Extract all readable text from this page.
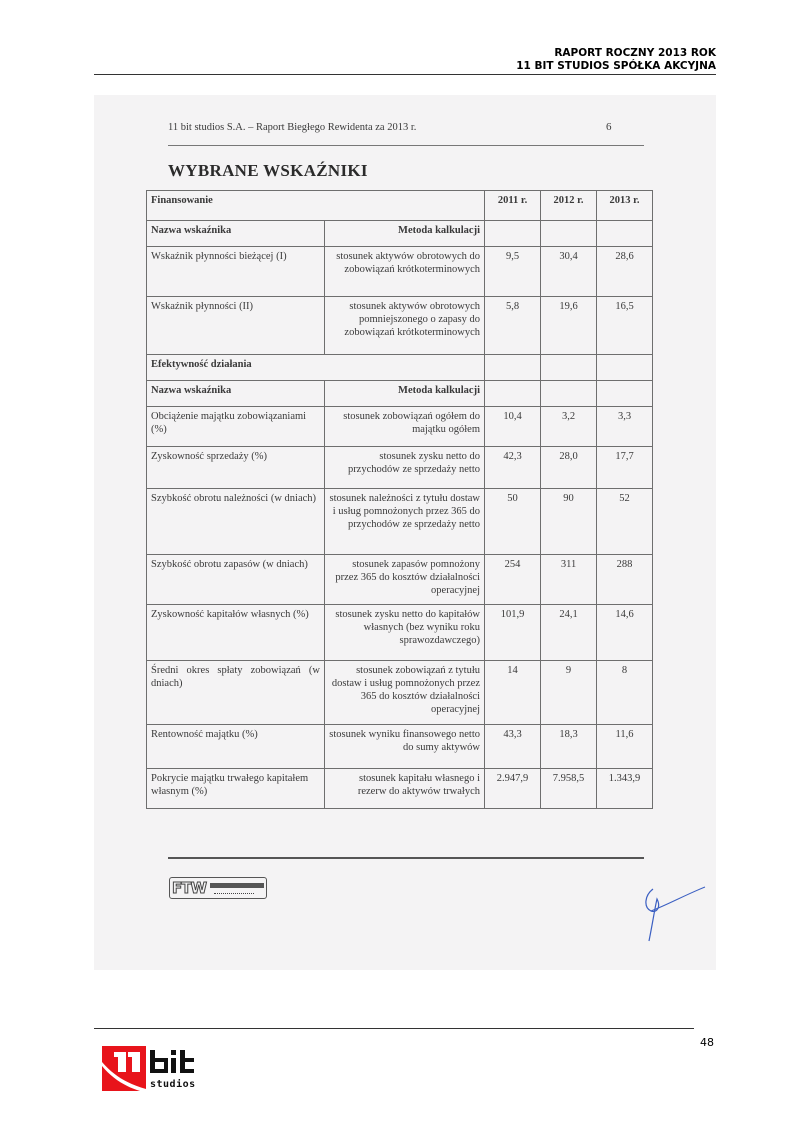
RAPORT ROCZNY 2013 ROK
11 BIT STUDIOS SPÓŁKA AKCYJNA
11 bit studios S.A. – Raport Biegłego Rewidenta za 2013 r.	6
WYBRANE WSKAŹNIKI
Finansowanie		2011 r.	2012 r.	2013 r.
Nazwa wskaźnika	Metoda kalkulacji			
Wskaźnik płynności bieżącej (I)	stosunek aktywów obrotowych do zobowiązań krótkoterminowych	9,5	30,4	28,6
Wskaźnik płynności (II)	stosunek aktywów obrotowych pomniejszonego o zapasy do zobowiązań krótkoterminowych	5,8	19,6	16,5
Efektywność działania				
Nazwa wskaźnika	Metoda kalkulacji			
Obciążenie majątku zobowiązaniami (%)	stosunek zobowiązań ogółem do majątku ogółem	10,4	3,2	3,3
Zyskowność sprzedaży (%)	stosunek zysku netto do przychodów ze sprzedaży netto	42,3	28,0	17,7
Szybkość obrotu należności (w dniach)	stosunek należności z tytułu dostaw i usług pomnożonych przez 365 do przychodów ze sprzedaży netto	50	90	52
Szybkość obrotu zapasów (w dniach)	stosunek zapasów pomnożony przez 365 do kosztów działalności operacyjnej	254	311	288
Zyskowność kapitałów własnych (%)	stosunek zysku netto do kapitałów własnych (bez wyniku roku sprawozdawczego)	101,9	24,1	14,6
Średni okres spłaty zobowiązań (w dniach)	stosunek zobowiązań z tytułu dostaw i usług pomnożonych przez 365 do kosztów działalności operacyjnej	14	9	8
Rentowność majątku (%)	stosunek wyniku finansowego netto do sumy aktywów	43,3	18,3	11,6
Pokrycie majątku trwałego kapitałem własnym (%)	stosunek kapitału własnego i rezerw do aktywów trwałych	2.947,9	7.958,5	1.343,9
FTW
48
studios
